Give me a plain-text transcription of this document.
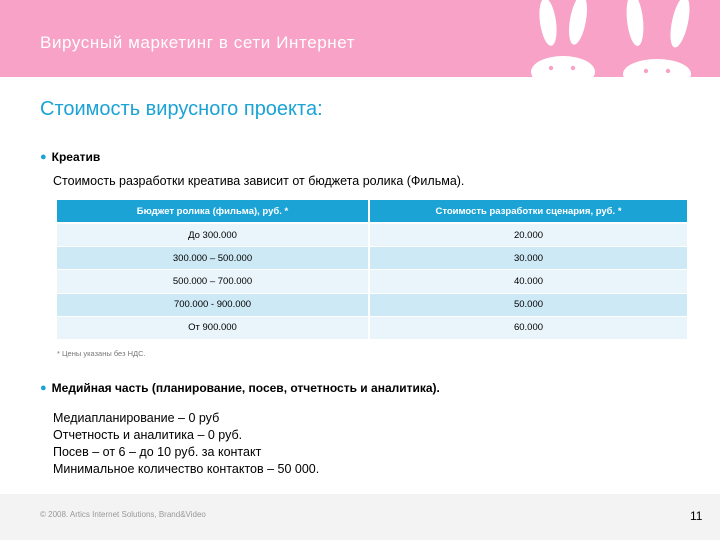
Вирусный маркетинг в сети Интернет
Стоимость вирусного проекта:
● Креатив
Стоимость разработки креатива зависит от бюджета ролика (Фильма).
Бюджет ролика (фильма), руб. *	Стоимость разработки сценария, руб. *
До 300.000	20.000
300.000 – 500.000	30.000
500.000 – 700.000	40.000
700.000 - 900.000	50.000
От 900.000	60.000
* Цены указаны без НДС.
● Медийная часть (планирование, посев, отчетность и аналитика).
Медиапланирование – 0 руб
Отчетность и аналитика – 0 руб.
Посев – от 6 – до 10 руб. за контакт
Минимальное количество контактов – 50 000.
© 2008. Artics Internet Solutions, Brand&Video	11
